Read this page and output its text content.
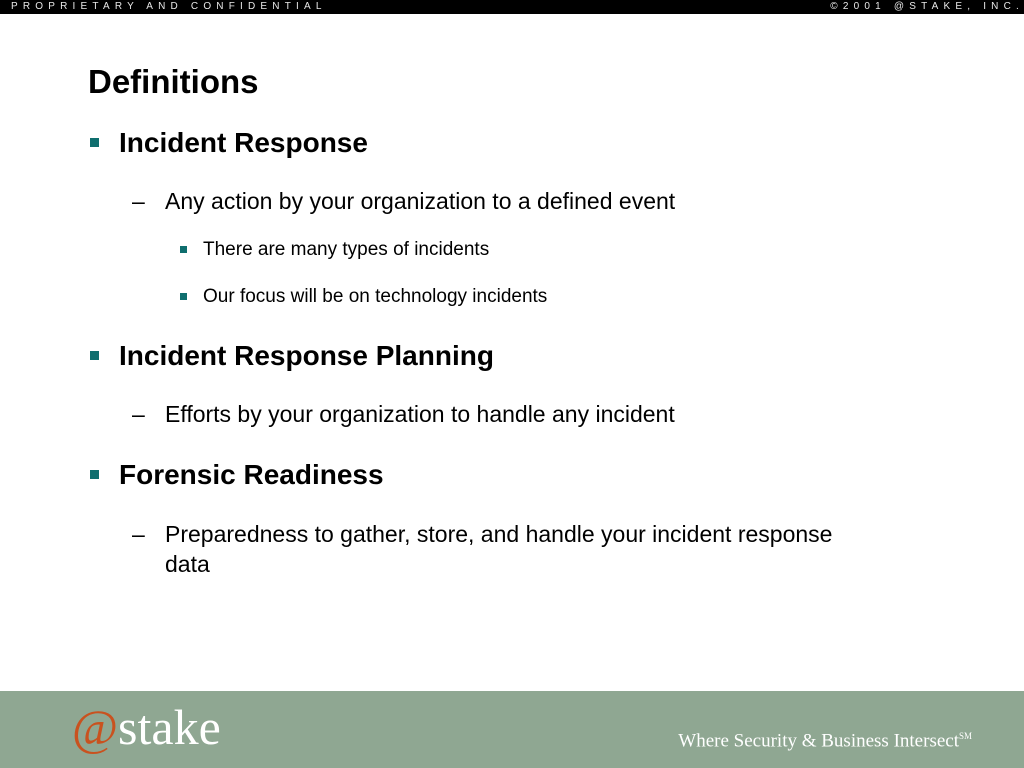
PROPRIETARY AND CONFIDENTIAL	©2001 @STAKE, INC.
Definitions
Incident Response
– Any action by your organization to a defined event
There are many types of incidents
Our focus will be on technology incidents
Incident Response Planning
– Efforts by your organization to handle any incident
Forensic Readiness
– Preparedness to gather, store, and handle your incident response
data
@stake	Where Security & Business Intersect℠
